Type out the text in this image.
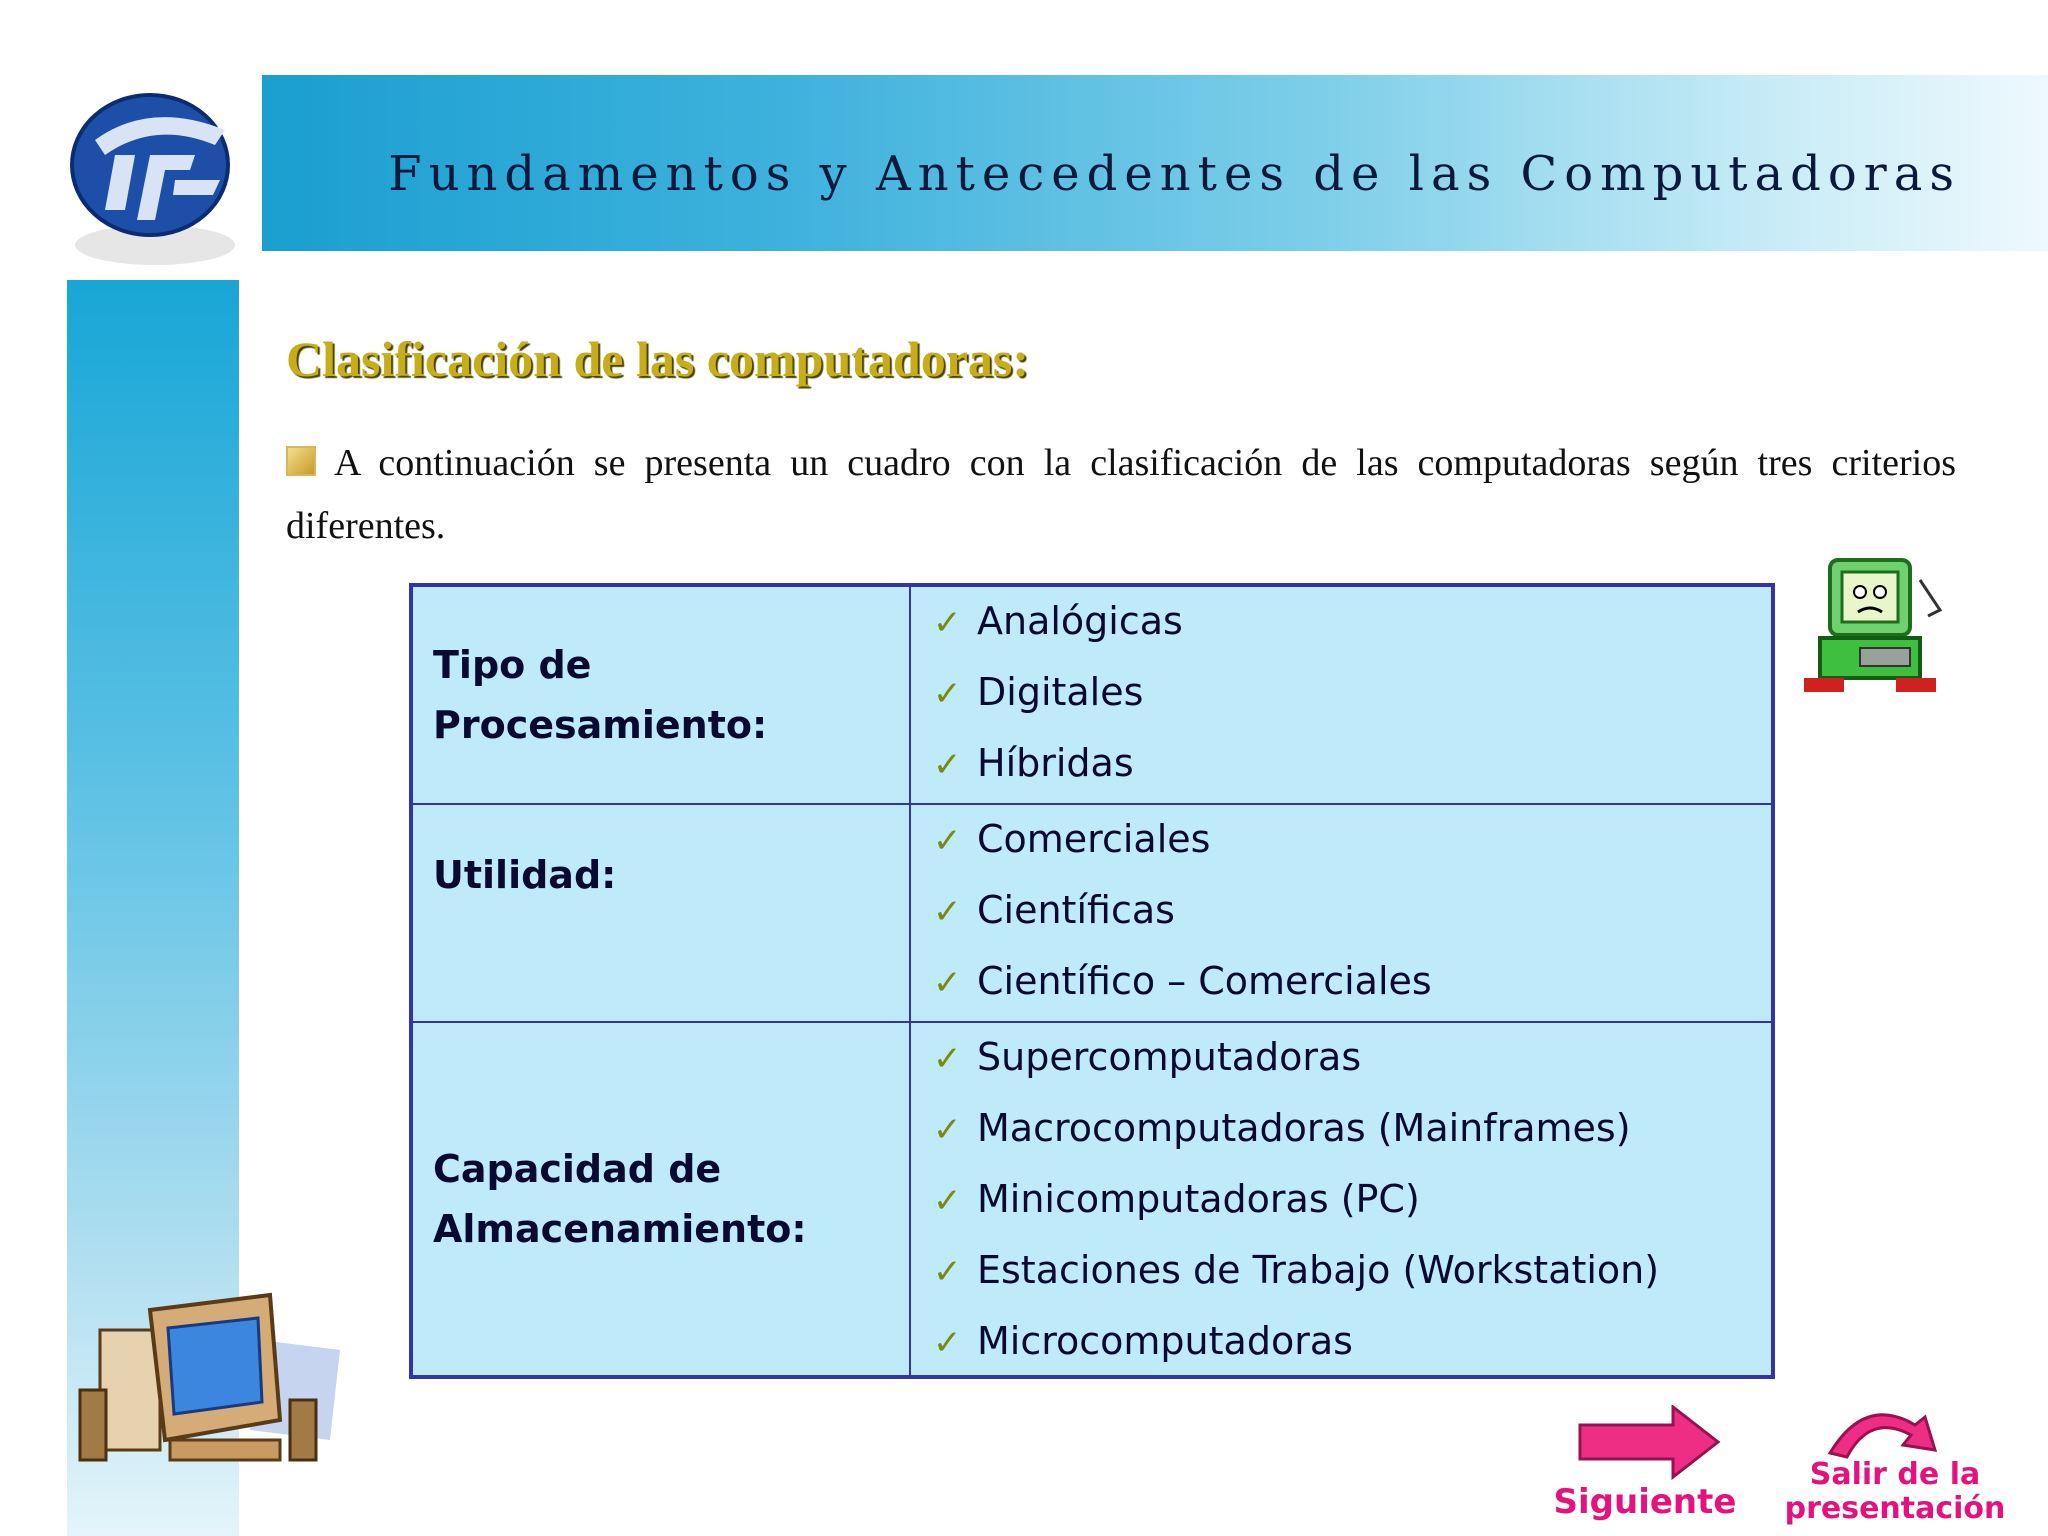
Fundamentos y Antecedentes de las Computadoras
Clasificación de las computadoras:
A continuación se presenta un cuadro con la clasificación de las computadoras según tres criterios diferentes.
Tipo de Procesamiento:
✓ Analógicas
✓ Digitales
✓ Híbridas
Utilidad:
✓ Comerciales
✓ Científicas
✓ Científico – Comerciales
Capacidad de Almacenamiento:
✓ Supercomputadoras
✓ Macrocomputadoras (Mainframes)
✓ Minicomputadoras (PC)
✓ Estaciones de Trabajo (Workstation)
✓ Microcomputadoras
Siguiente
Salir de la presentación
